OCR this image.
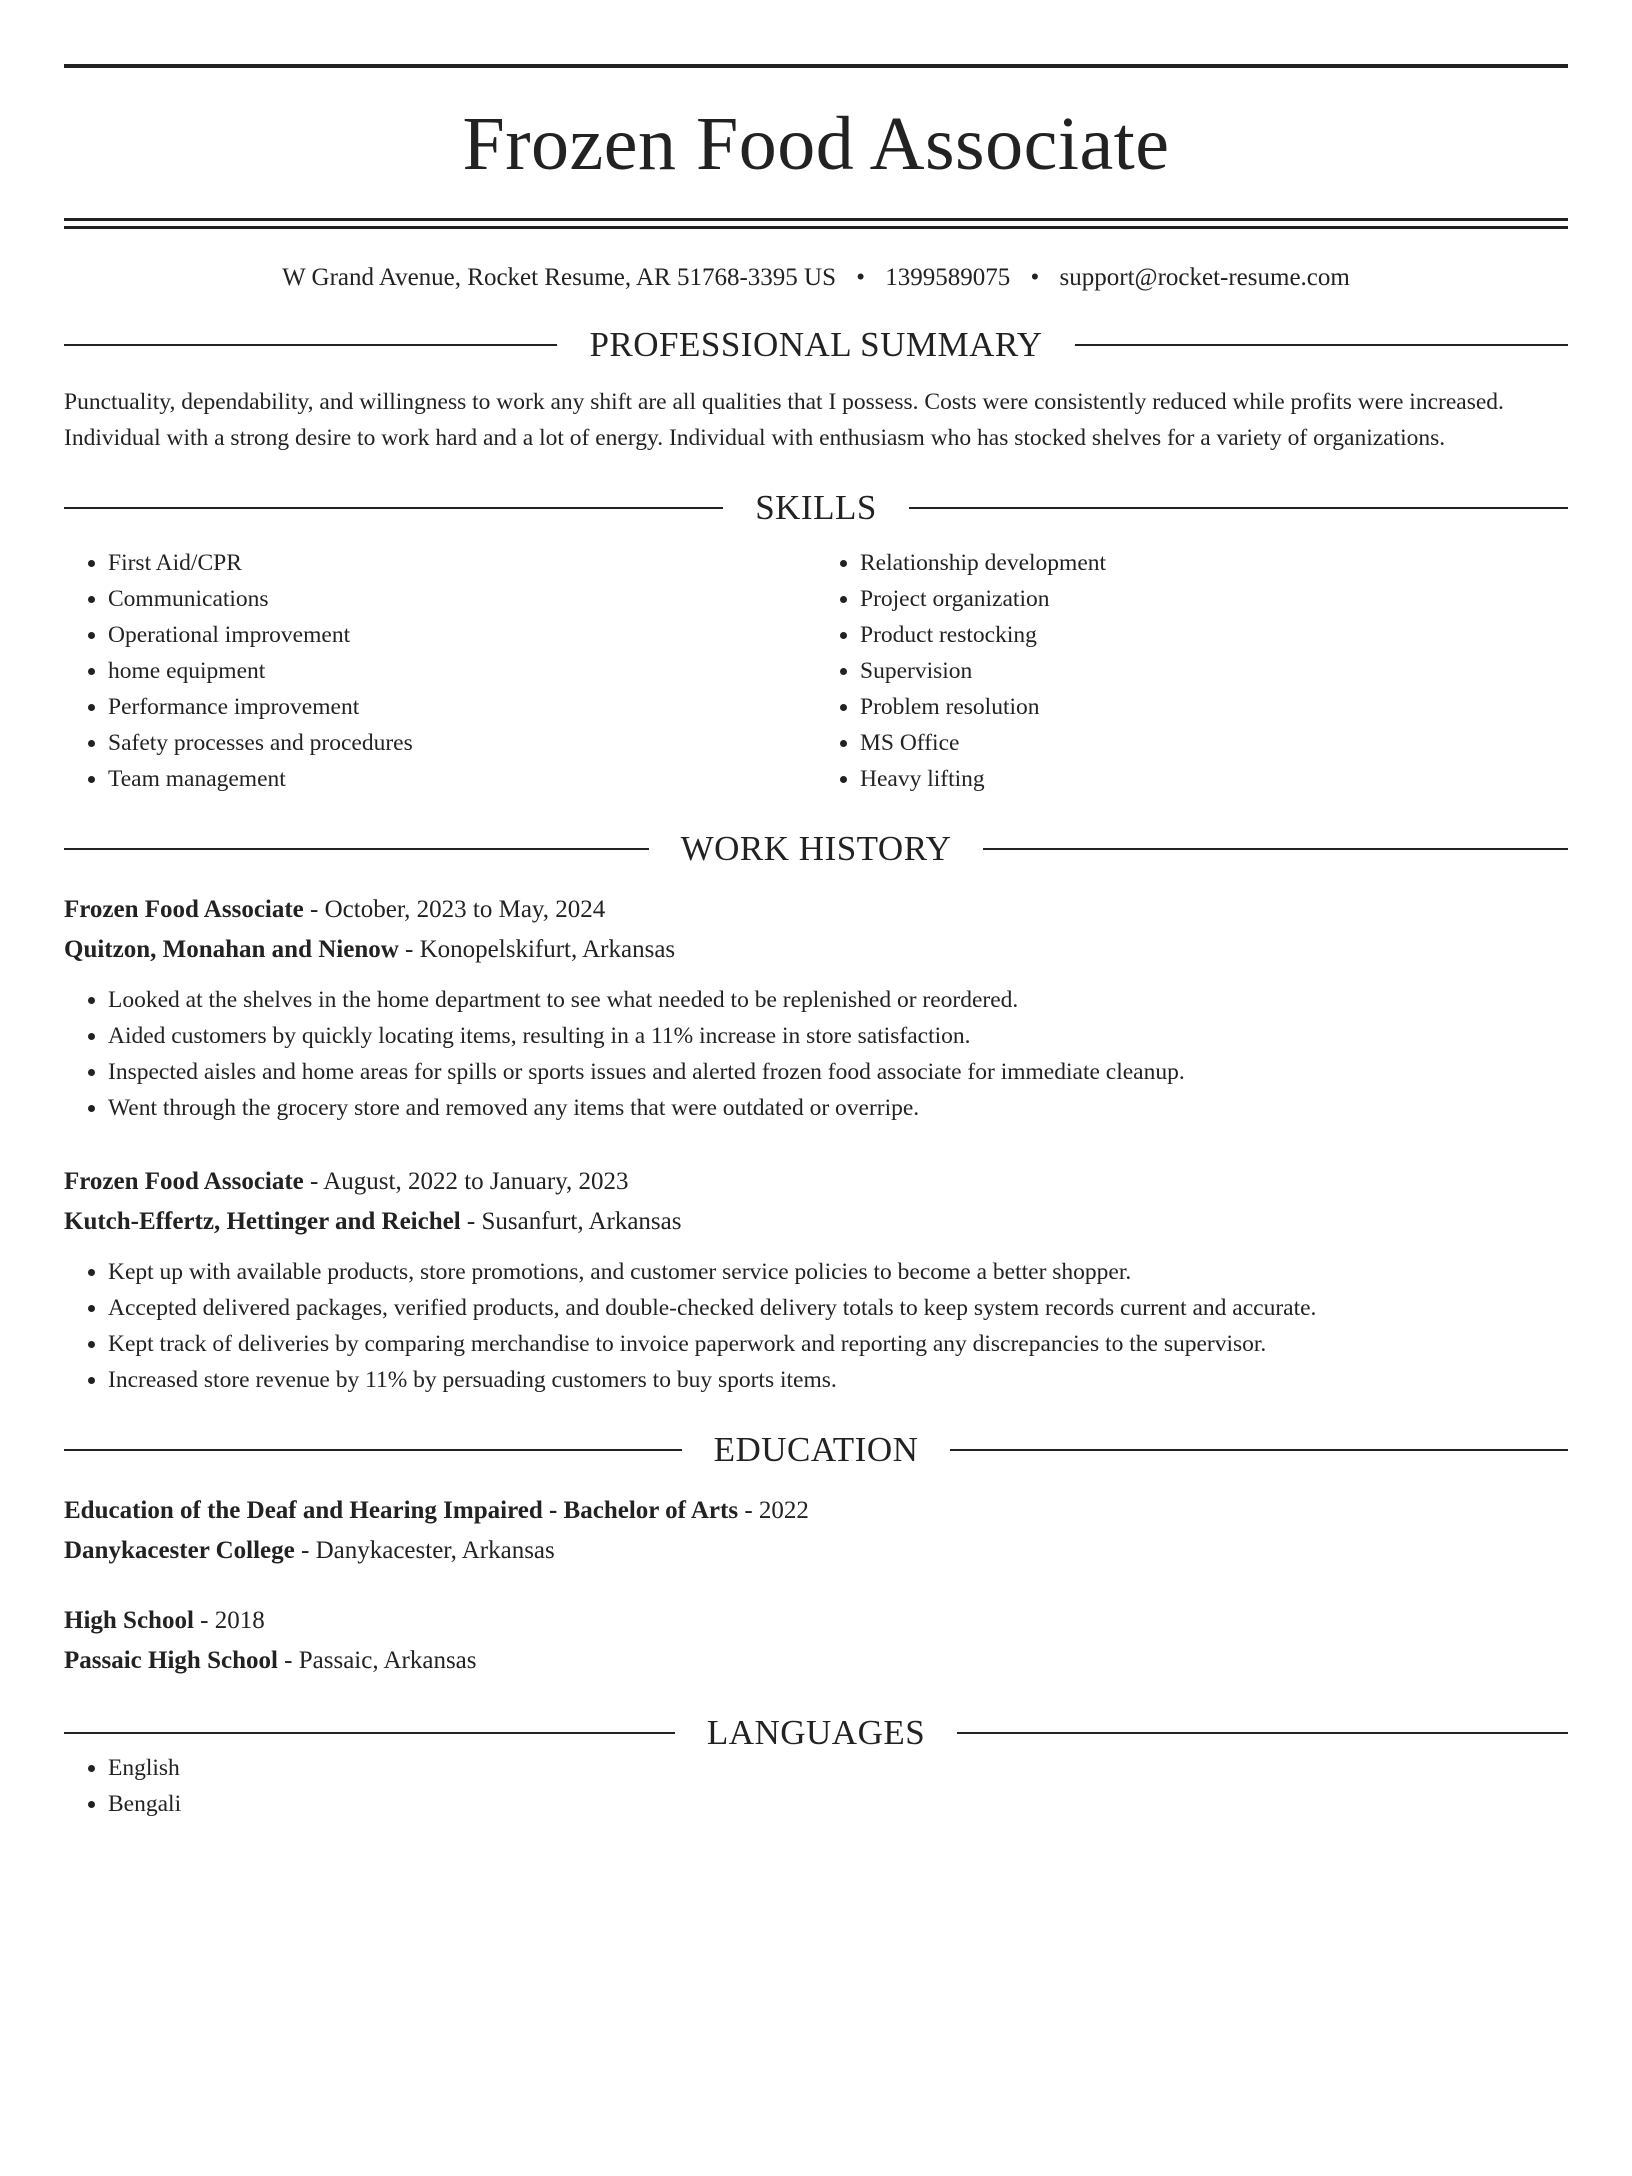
Frozen Food Associate
W Grand Avenue, Rocket Resume, AR 51768-3395 US • 1399589075 • support@rocket-resume.com
PROFESSIONAL SUMMARY
Punctuality, dependability, and willingness to work any shift are all qualities that I possess. Costs were consistently reduced while profits were increased. Individual with a strong desire to work hard and a lot of energy. Individual with enthusiasm who has stocked shelves for a variety of organizations.
SKILLS
• First Aid/CPR
• Communications
• Operational improvement
• home equipment
• Performance improvement
• Safety processes and procedures
• Team management
• Relationship development
• Project organization
• Product restocking
• Supervision
• Problem resolution
• MS Office
• Heavy lifting
WORK HISTORY
Frozen Food Associate - October, 2023 to May, 2024
Quitzon, Monahan and Nienow - Konopelskifurt, Arkansas
• Looked at the shelves in the home department to see what needed to be replenished or reordered.
• Aided customers by quickly locating items, resulting in a 11% increase in store satisfaction.
• Inspected aisles and home areas for spills or sports issues and alerted frozen food associate for immediate cleanup.
• Went through the grocery store and removed any items that were outdated or overripe.
Frozen Food Associate - August, 2022 to January, 2023
Kutch-Effertz, Hettinger and Reichel - Susanfurt, Arkansas
• Kept up with available products, store promotions, and customer service policies to become a better shopper.
• Accepted delivered packages, verified products, and double-checked delivery totals to keep system records current and accurate.
• Kept track of deliveries by comparing merchandise to invoice paperwork and reporting any discrepancies to the supervisor.
• Increased store revenue by 11% by persuading customers to buy sports items.
EDUCATION
Education of the Deaf and Hearing Impaired - Bachelor of Arts - 2022
Danykacester College - Danykacester, Arkansas
High School - 2018
Passaic High School - Passaic, Arkansas
LANGUAGES
• English
• Bengali
